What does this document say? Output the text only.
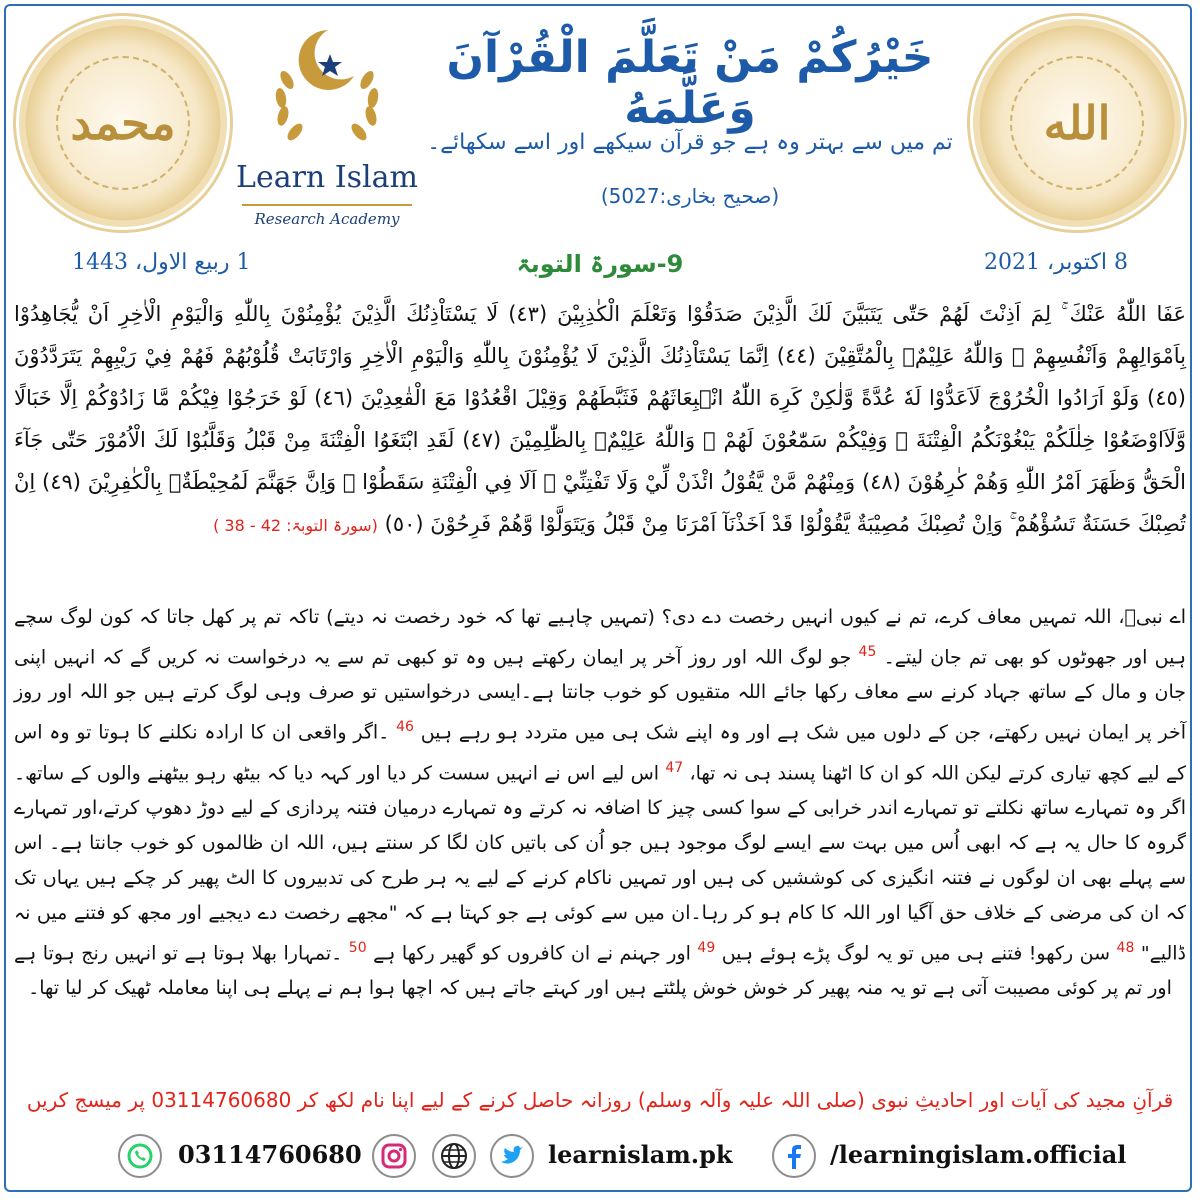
محمد
Learn Islam
Research Academy
خَيْرُكُمْ مَنْ تَعَلَّمَ الْقُرْآنَ وَعَلَّمَهُ
تم میں سے بہتر وہ ہے جو قرآن سیکھے اور اسے سکھائے۔
(صحیح بخاری:5027)
الله
1 ربیع الاول، 1443	9-سورۃ التوبۃ	8 اکتوبر، 2021
عَفَا اللّٰهُ عَنْكَ ۚ لِمَ اَذِنْتَ لَهُمْ حَتّٰى يَتَبَيَّنَ لَكَ الَّذِيْنَ صَدَقُوْا وَتَعْلَمَ الْكٰذِبِيْنَ (٤٣) لَا يَسْتَاْذِنُكَ الَّذِيْنَ يُؤْمِنُوْنَ بِاللّٰهِ وَالْيَوْمِ الْاٰخِرِ اَنْ يُّجَاهِدُوْا بِاَمْوَالِهِمْ وَاَنْفُسِهِمْ ۗ وَاللّٰهُ عَلِيْمٌۢ بِالْمُتَّقِيْنَ (٤٤) اِنَّمَا يَسْتَاْذِنُكَ الَّذِيْنَ لَا يُؤْمِنُوْنَ بِاللّٰهِ وَالْيَوْمِ الْاٰخِرِ وَارْتَابَتْ قُلُوْبُهُمْ فَهُمْ فِيْ رَيْبِهِمْ يَتَرَدَّدُوْنَ (٤٥) وَلَوْ اَرَادُوا الْخُرُوْجَ لَاَعَدُّوْا لَهٗ عُدَّةً وَّلٰكِنْ كَرِهَ اللّٰهُ انْۢبِعَاثَهُمْ فَثَبَّطَهُمْ وَقِيْلَ اقْعُدُوْا مَعَ الْقٰعِدِيْنَ (٤٦) لَوْ خَرَجُوْا فِيْكُمْ مَّا زَادُوْكُمْ اِلَّا خَبَالًا وَّلَاَاوْضَعُوْا خِلٰلَكُمْ يَبْغُوْنَكُمُ الْفِتْنَةَ ۚ وَفِيْكُمْ سَمّٰعُوْنَ لَهُمْ ۗ وَاللّٰهُ عَلِيْمٌۢ بِالظّٰلِمِيْنَ (٤٧) لَقَدِ ابْتَغَوُا الْفِتْنَةَ مِنْ قَبْلُ وَقَلَّبُوْا لَكَ الْاُمُوْرَ حَتّٰى جَآءَ الْحَقُّ وَظَهَرَ اَمْرُ اللّٰهِ وَهُمْ كٰرِهُوْنَ (٤٨) وَمِنْهُمْ مَّنْ يَّقُوْلُ ائْذَنْ لِّيْ وَلَا تَفْتِنِّيْ ۗ اَلَا فِي الْفِتْنَةِ سَقَطُوْا ۗ وَاِنَّ جَهَنَّمَ لَمُحِيْطَةٌۢ بِالْكٰفِرِيْنَ (٤٩) اِنْ تُصِبْكَ حَسَنَةٌ تَسُؤْهُمْ ۚ وَاِنْ تُصِبْكَ مُصِيْبَةٌ يَّقُوْلُوْا قَدْ اَخَذْنَآ اَمْرَنَا مِنْ قَبْلُ وَيَتَوَلَّوْا وَّهُمْ فَرِحُوْنَ (٥٠) (سورۃ التوبۃ: 42 - 38 )
اے نبیؐ، اللہ تمہیں معاف کرے، تم نے کیوں انہیں رخصت دے دی؟ (تمہیں چاہیے تھا کہ خود رخصت نہ دیتے) تاکہ تم پر کھل جاتا کہ کون لوگ سچے ہیں اور جھوٹوں کو بھی تم جان لیتے۔ $^{45}$ جو لوگ اللہ اور روز آخر پر ایمان رکھتے ہیں وہ تو کبھی تم سے یہ درخواست نہ کریں گے کہ انہیں اپنی جان و مال کے ساتھ جہاد کرنے سے معاف رکھا جائے اللہ متقیوں کو خوب جانتا ہے۔ایسی درخواستیں تو صرف وہی لوگ کرتے ہیں جو اللہ اور روز آخر پر ایمان نہیں رکھتے، جن کے دلوں میں شک ہے اور وہ اپنے شک ہی میں متردد ہو رہے ہیں $^{46}$ ۔اگر واقعی ان کا ارادہ نکلنے کا ہوتا تو وہ اس کے لیے کچھ تیاری کرتے لیکن اللہ کو ان کا اٹھنا پسند ہی نہ تھا، $^{47}$ اس لیے اس نے انہیں سست کر دیا اور کہہ دیا کہ بیٹھ رہو بیٹھنے والوں کے ساتھ۔اگر وہ تمہارے ساتھ نکلتے تو تمہارے اندر خرابی کے سوا کسی چیز کا اضافہ نہ کرتے وہ تمہارے درمیان فتنہ پردازی کے لیے دوڑ دھوپ کرتے،اور تمہارے گروہ کا حال یہ ہے کہ ابھی اُس میں بہت سے ایسے لوگ موجود ہیں جو اُن کی باتیں کان لگا کر سنتے ہیں، اللہ ان ظالموں کو خوب جانتا ہے۔ اس سے پہلے بھی ان لوگوں نے فتنہ انگیزی کی کوششیں کی ہیں اور تمہیں ناکام کرنے کے لیے یہ ہر طرح کی تدبیروں کا الٹ پھیر کر چکے ہیں یہاں تک کہ ان کی مرضی کے خلاف حق آگیا اور اللہ کا کام ہو کر رہا۔ان میں سے کوئی ہے جو کہتا ہے کہ "مجھے رخصت دے دیجیے اور مجھ کو فتنے میں نہ ڈالیے" $^{48}$ سن رکھو! فتنے ہی میں تو یہ لوگ پڑے ہوئے ہیں $^{49}$ اور جہنم نے ان کافروں کو گھیر رکھا ہے $^{50}$ ۔تمہارا بھلا ہوتا ہے تو انہیں رنج ہوتا ہے اور تم پر کوئی مصیبت آتی ہے تو یہ منہ پھیر کر خوش خوش پلٹتے ہیں اور کہتے جاتے ہیں کہ اچھا ہوا ہم نے پہلے ہی اپنا معاملہ ٹھیک کر لیا تھا۔
قرآنِ مجید کی آیات اور احادیثِ نبوی (صلی اللہ علیہ وآلہ وسلم) روزانہ حاصل کرنے کے لیے اپنا نام لکھ کر 03114760680 پر میسج کریں
03114760680	learnislam.pk	/learningislam.official
